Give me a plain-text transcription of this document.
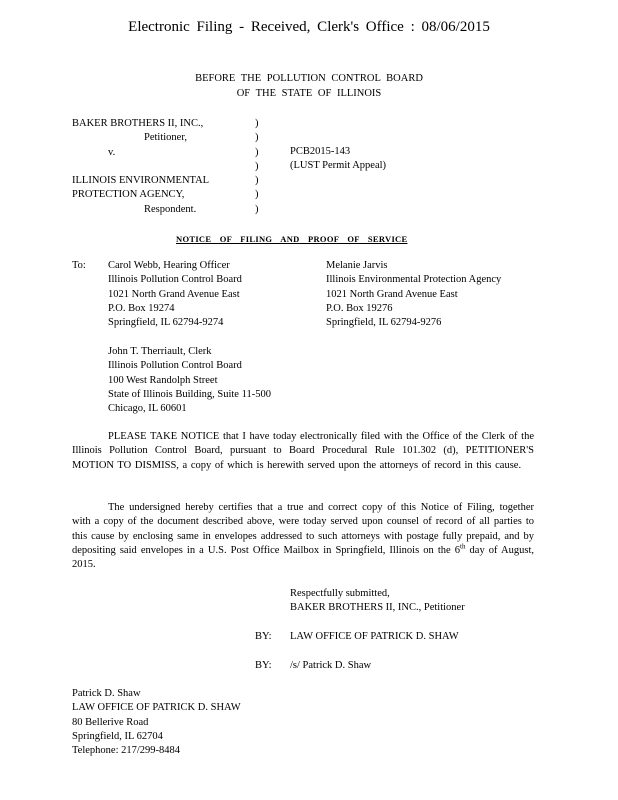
Electronic Filing - Received, Clerk's Office : 08/06/2015
BEFORE THE POLLUTION CONTROL BOARD
OF THE STATE OF ILLINOIS
BAKER BROTHERS II, INC.,
Petitioner,
v.

ILLINOIS ENVIRONMENTAL
PROTECTION AGENCY,
Respondent.
)
)
)
)
)
)
)
PCB2015-143
(LUST Permit Appeal)
NOTICE OF FILING AND PROOF OF SERVICE
To: Carol Webb, Hearing Officer
Illinois Pollution Control Board
1021 North Grand Avenue East
P.O. Box 19274
Springfield, IL 62794-9274
Melanie Jarvis
Illinois Environmental Protection Agency
1021 North Grand Avenue East
P.O. Box 19276
Springfield, IL 62794-9276
John T. Therriault, Clerk
Illinois Pollution Control Board
100 West Randolph Street
State of Illinois Building, Suite 11-500
Chicago, IL 60601
PLEASE TAKE NOTICE that I have today electronically filed with the Office of the Clerk of the Illinois Pollution Control Board, pursuant to Board Procedural Rule 101.302 (d), PETITIONER'S MOTION TO DISMISS, a copy of which is herewith served upon the attorneys of record in this cause.
The undersigned hereby certifies that a true and correct copy of this Notice of Filing, together with a copy of the document described above, were today served upon counsel of record of all parties to this cause by enclosing same in envelopes addressed to such attorneys with postage fully prepaid, and by depositing said envelopes in a U.S. Post Office Mailbox in Springfield, Illinois on the 6th day of August, 2015.
Respectfully submitted,
BAKER BROTHERS II, INC., Petitioner
BY: LAW OFFICE OF PATRICK D. SHAW
BY: /s/ Patrick D. Shaw
Patrick D. Shaw
LAW OFFICE OF PATRICK D. SHAW
80 Bellerive Road
Springfield, IL 62704
Telephone: 217/299-8484
